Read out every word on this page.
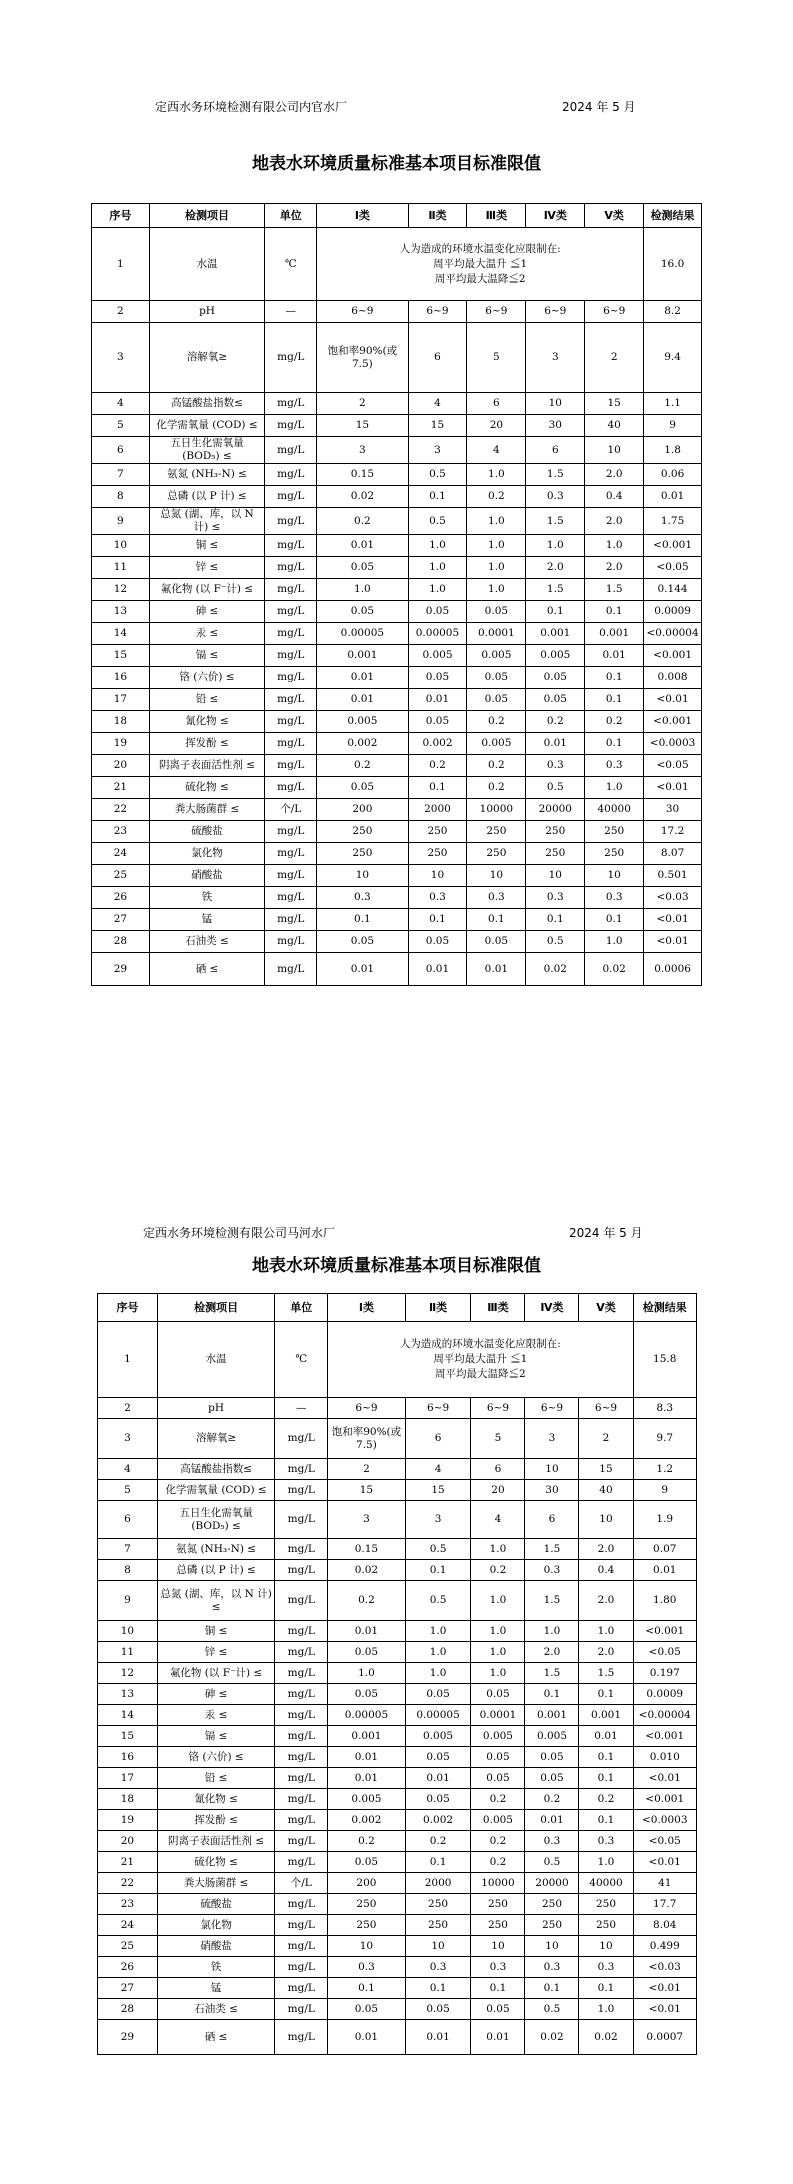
定西水务环境检测有限公司内官水厂	2024 年 5 月
地表水环境质量标准基本项目标准限值
序号	检测项目	单位	Ⅰ类	Ⅱ类	Ⅲ类	Ⅳ类	Ⅴ类	检测结果
1	水温	℃	人为造成的环境水温变化应限制在:
周平均最大温升 ≦1
周平均最大温降≦2					16.0
2	pH	—	6~9	6~9	6~9	6~9	6~9	8.2
3	溶解氧≥	mg/L	饱和率90%(或7.5)	6	5	3	2	9.4
4	高锰酸盐指数≤	mg/L	2	4	6	10	15	1.1
5	化学需氧量 (COD) ≤	mg/L	15	15	20	30	40	9
6	五日生化需氧量 (BOD₅) ≤	mg/L	3	3	4	6	10	1.8
7	氨氮 (NH₃-N) ≤	mg/L	0.15	0.5	1.0	1.5	2.0	0.06
8	总磷 (以 P 计) ≤	mg/L	0.02	0.1	0.2	0.3	0.4	0.01
9	总氮 (湖、库，以 N 计) ≤	mg/L	0.2	0.5	1.0	1.5	2.0	1.75
10	铜 ≤	mg/L	0.01	1.0	1.0	1.0	1.0	<0.001
11	锌 ≤	mg/L	0.05	1.0	1.0	2.0	2.0	<0.05
12	氟化物 (以 F⁻计) ≤	mg/L	1.0	1.0	1.0	1.5	1.5	0.144
13	砷 ≤	mg/L	0.05	0.05	0.05	0.1	0.1	0.0009
14	汞 ≤	mg/L	0.00005	0.00005	0.0001	0.001	0.001	<0.00004
15	镉 ≤	mg/L	0.001	0.005	0.005	0.005	0.01	<0.001
16	铬 (六价) ≤	mg/L	0.01	0.05	0.05	0.05	0.1	0.008
17	铅 ≤	mg/L	0.01	0.01	0.05	0.05	0.1	<0.01
18	氰化物 ≤	mg/L	0.005	0.05	0.2	0.2	0.2	<0.001
19	挥发酚 ≤	mg/L	0.002	0.002	0.005	0.01	0.1	<0.0003
20	阴离子表面活性剂 ≤	mg/L	0.2	0.2	0.2	0.3	0.3	<0.05
21	硫化物 ≤	mg/L	0.05	0.1	0.2	0.5	1.0	<0.01
22	粪大肠菌群 ≤	个/L	200	2000	10000	20000	40000	30
23	硫酸盐	mg/L	250	250	250	250	250	17.2
24	氯化物	mg/L	250	250	250	250	250	8.07
25	硝酸盐	mg/L	10	10	10	10	10	0.501
26	铁	mg/L	0.3	0.3	0.3	0.3	0.3	<0.03
27	锰	mg/L	0.1	0.1	0.1	0.1	0.1	<0.01
28	石油类 ≤	mg/L	0.05	0.05	0.05	0.5	1.0	<0.01
29	硒 ≤	mg/L	0.01	0.01	0.01	0.02	0.02	0.0006
定西水务环境检测有限公司马河水厂	2024 年 5 月
地表水环境质量标准基本项目标准限值
序号	检测项目	单位	Ⅰ类	Ⅱ类	Ⅲ类	Ⅳ类	Ⅴ类	检测结果
1	水温	℃	人为造成的环境水温变化应限制在:
周平均最大温升 ≦1
周平均最大温降≦2					15.8
2	pH	—	6~9	6~9	6~9	6~9	6~9	8.3
3	溶解氧≥	mg/L	饱和率90%(或7.5)	6	5	3	2	9.7
4	高锰酸盐指数≤	mg/L	2	4	6	10	15	1.2
5	化学需氧量 (COD) ≤	mg/L	15	15	20	30	40	9
6	五日生化需氧量 (BOD₅) ≤	mg/L	3	3	4	6	10	1.9
7	氨氮 (NH₃-N) ≤	mg/L	0.15	0.5	1.0	1.5	2.0	0.07
8	总磷 (以 P 计) ≤	mg/L	0.02	0.1	0.2	0.3	0.4	0.01
9	总氮 (湖、库，以 N 计) ≤	mg/L	0.2	0.5	1.0	1.5	2.0	1.80
10	铜 ≤	mg/L	0.01	1.0	1.0	1.0	1.0	<0.001
11	锌 ≤	mg/L	0.05	1.0	1.0	2.0	2.0	<0.05
12	氟化物 (以 F⁻计) ≤	mg/L	1.0	1.0	1.0	1.5	1.5	0.197
13	砷 ≤	mg/L	0.05	0.05	0.05	0.1	0.1	0.0009
14	汞 ≤	mg/L	0.00005	0.00005	0.0001	0.001	0.001	<0.00004
15	镉 ≤	mg/L	0.001	0.005	0.005	0.005	0.01	<0.001
16	铬 (六价) ≤	mg/L	0.01	0.05	0.05	0.05	0.1	0.010
17	铅 ≤	mg/L	0.01	0.01	0.05	0.05	0.1	<0.01
18	氰化物 ≤	mg/L	0.005	0.05	0.2	0.2	0.2	<0.001
19	挥发酚 ≤	mg/L	0.002	0.002	0.005	0.01	0.1	<0.0003
20	阴离子表面活性剂 ≤	mg/L	0.2	0.2	0.2	0.3	0.3	<0.05
21	硫化物 ≤	mg/L	0.05	0.1	0.2	0.5	1.0	<0.01
22	粪大肠菌群 ≤	个/L	200	2000	10000	20000	40000	41
23	硫酸盐	mg/L	250	250	250	250	250	17.7
24	氯化物	mg/L	250	250	250	250	250	8.04
25	硝酸盐	mg/L	10	10	10	10	10	0.499
26	铁	mg/L	0.3	0.3	0.3	0.3	0.3	<0.03
27	锰	mg/L	0.1	0.1	0.1	0.1	0.1	<0.01
28	石油类 ≤	mg/L	0.05	0.05	0.05	0.5	1.0	<0.01
29	硒 ≤	mg/L	0.01	0.01	0.01	0.02	0.02	0.0007
